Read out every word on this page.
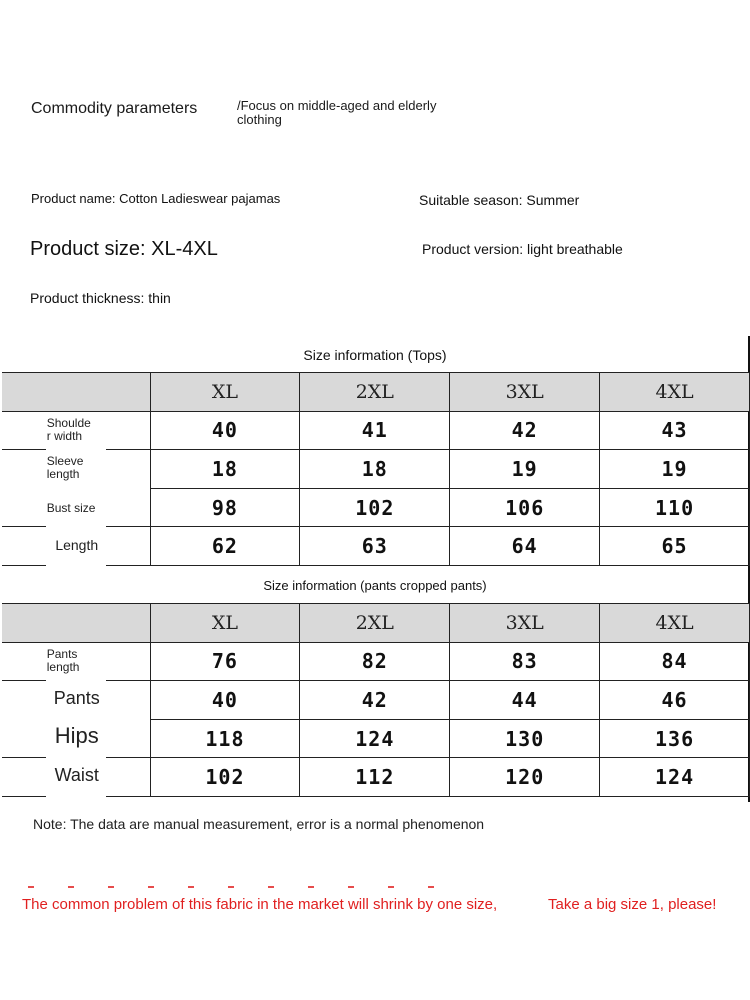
Commodity parameters	/Focus on middle-aged and elderly clothing
Product name: Cotton Ladieswear pajamas	Suitable season: Summer
Product size: XL-4XL	Product version: light breathable
Product thickness: thin
Size information (Tops)
	XL	2XL	3XL	4XL
Shoulde
r width	40	41	42	43
Sleeve
length	18	18	19	19
Bust size	98	102	106	110
Length	62	63	64	65
Size information (pants cropped pants)
	XL	2XL	3XL	4XL
Pants length	76	82	83	84
Pants	40	42	44	46
Hips	118	124	130	136
Waist	102	112	120	124
Note: The data are manual measurement, error is a normal phenomenon
The common problem of this fabric in the market will shrink by one size,	Take a big size 1, please!
